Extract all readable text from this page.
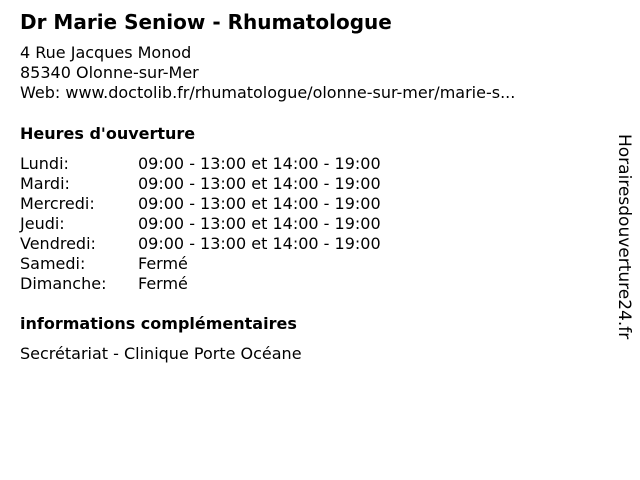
Dr Marie Seniow - Rhumatologue
4 Rue Jacques Monod
85340 Olonne-sur-Mer
Web: www.doctolib.fr/rhumatologue/olonne-sur-mer/marie-s...
Heures d'ouverture
Lundi:	09:00 - 13:00 et 14:00 - 19:00
Mardi:	09:00 - 13:00 et 14:00 - 19:00
Mercredi:	09:00 - 13:00 et 14:00 - 19:00
Jeudi:	09:00 - 13:00 et 14:00 - 19:00
Vendredi:	09:00 - 13:00 et 14:00 - 19:00
Samedi:	Fermé
Dimanche:	Fermé
informations complémentaires
Secrétariat - Clinique Porte Océane
Horairesdouverture24.fr
